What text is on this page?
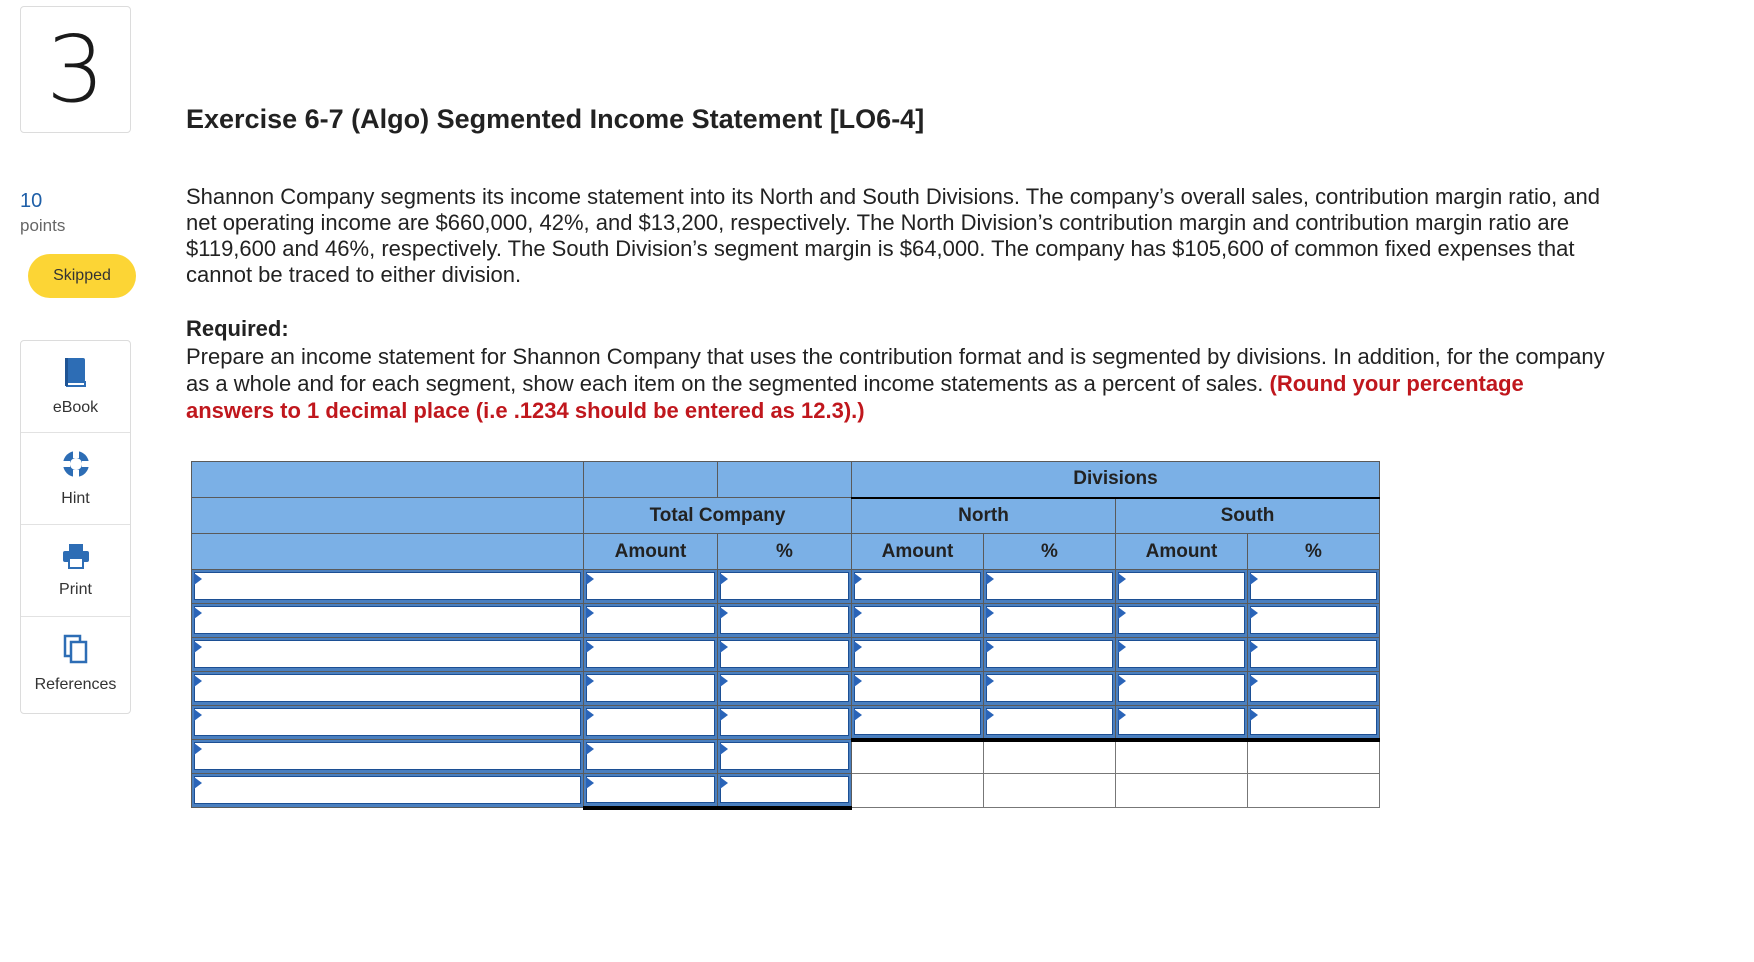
3
10
points
Skipped
eBook
Hint
Print
References
Exercise 6-7 (Algo) Segmented Income Statement [LO6-4]
Shannon Company segments its income statement into its North and South Divisions. The company’s overall sales, contribution margin ratio, and net operating income are $660,000, 42%, and $13,200, respectively. The North Division’s contribution margin and contribution margin ratio are $119,600 and 46%, respectively. The South Division’s segment margin is $64,000. The company has $105,600 of common fixed expenses that cannot be traced to either division.
Required:
Prepare an income statement for Shannon Company that uses the contribution format and is segmented by divisions. In addition, for the company as a whole and for each segment, show each item on the segmented income statements as a percent of sales. (Round your percentage answers to 1 decimal place (i.e .1234 should be entered as 12.3).)
			Divisions			
	Total Company		North		South	
	Amount	%	Amount	%	Amount	%
